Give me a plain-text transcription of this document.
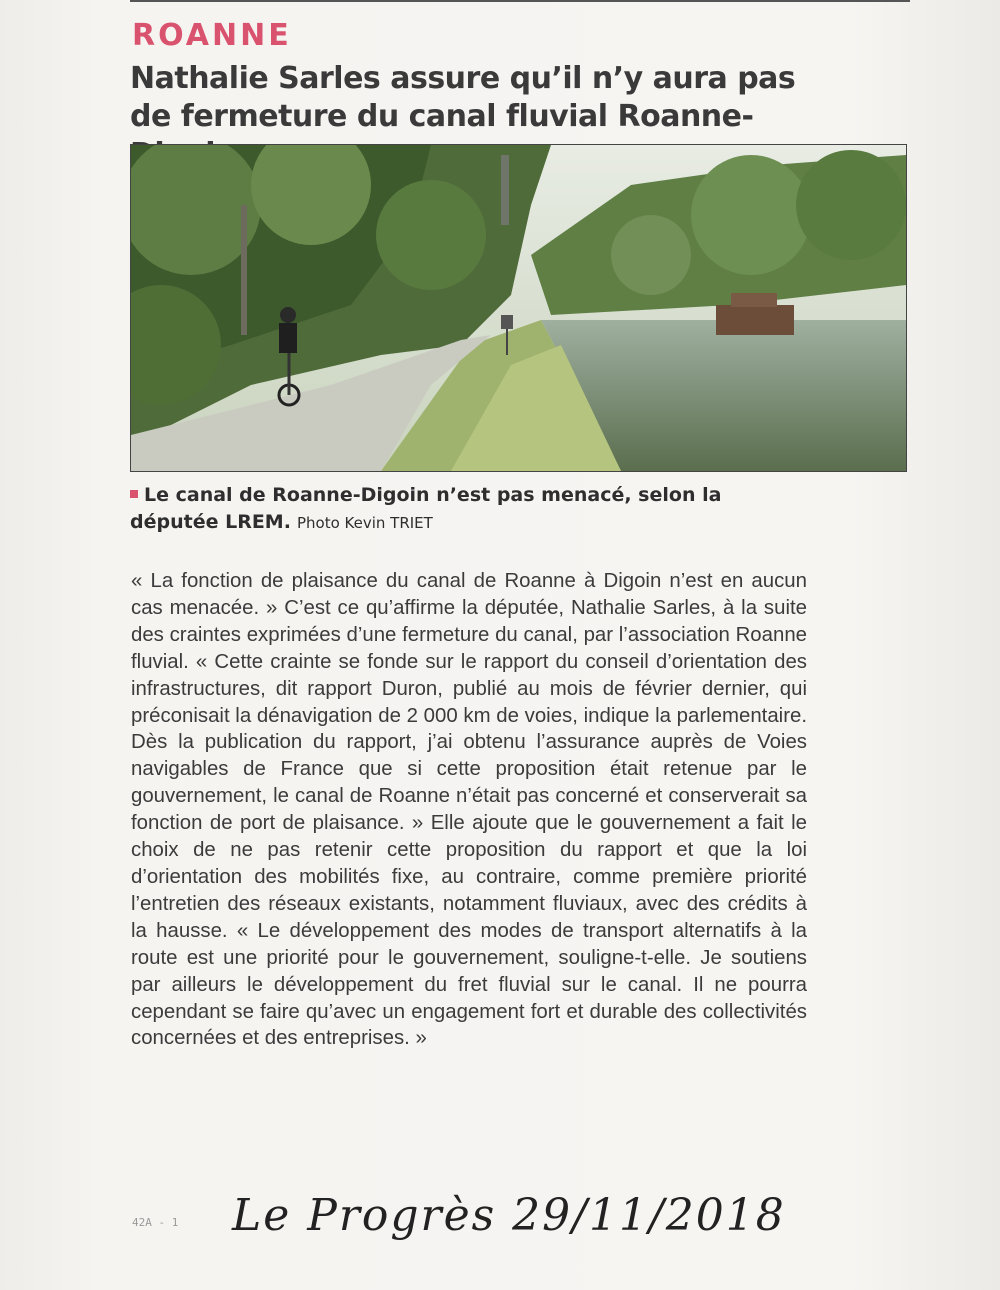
ROANNE
Nathalie Sarles assure qu’il n’y aura pas de fermeture du canal fluvial Roanne-
Le canal de Roanne-Digoin n’est pas menacé, selon la députée LREM. Photo Kevin TRIET

« La fonction de plaisance du canal de Roanne à Digoin n’est en aucun cas menacée. » C’est ce qu’affirme la députée, Nathalie Sarles, à la suite des craintes exprimées d’une fermeture du canal, par l’association Roanne fluvial. « Cette crainte se fonde sur le rapport du conseil d’orientation des infrastructures, dit rapport Duron, publié au mois de février dernier, qui préconisait la dénavigation de 2 000 km de voies, indique la parlementaire. Dès la publication du rapport, j’ai obtenu l’assurance auprès de Voies navigables de France que si cette proposition était retenue par le gouvernement, le canal de Roanne n’était pas concerné et conserverait sa fonction de port de plaisance. » Elle ajoute que le gouvernement a fait le choix de ne pas retenir cette proposition du rapport et que la loi d’orientation des mobilités fixe, au contraire, comme première priorité l’entretien des réseaux existants, notamment fluviaux, avec des crédits à la hausse. « Le développement des modes de transport alternatifs à la route est une priorité pour le gouvernement, souligne-t-elle. Je soutiens par ailleurs le développement du fret fluvial sur le canal. Il ne pourra cependant se faire qu’avec un engagement fort et durable des collectivités concernées et des entreprises. »

42A - 1 Le Progrès 29/11/2018
